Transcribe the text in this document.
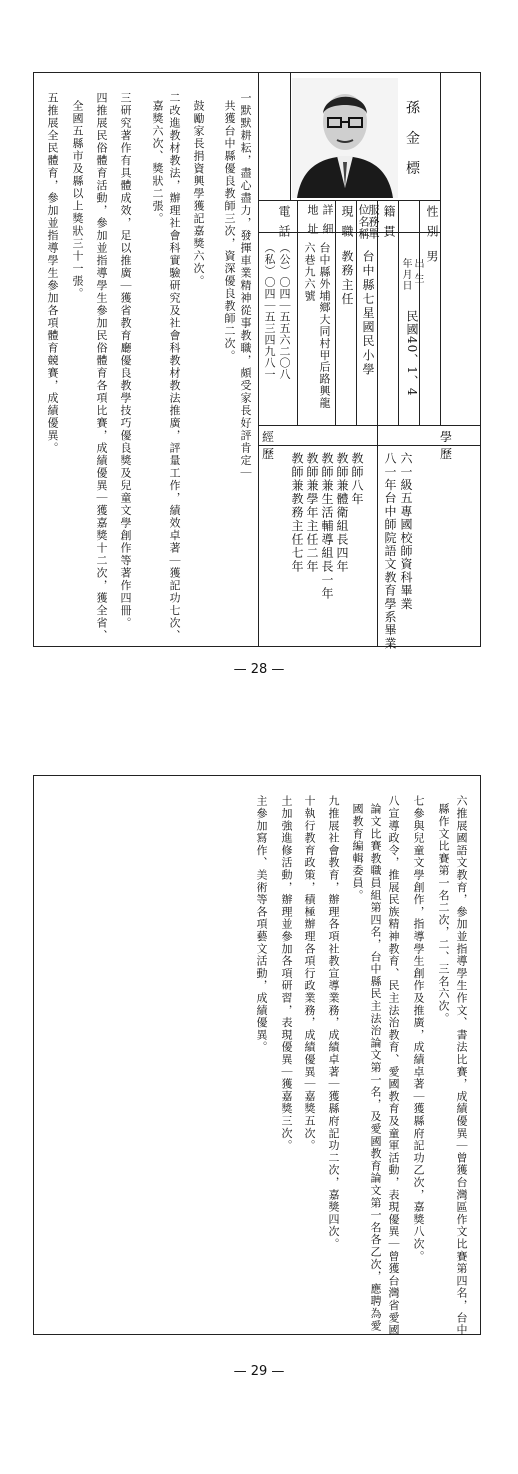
孫 金 標
性 別
男
出 生
年月日
民國40、1、4
籍 貫
服務單
位名稱
台中縣七星國民小學
現 職
教務主任
詳 細
地 址
台中縣外埔鄉大同村甲后路興龍
六巷九六號
電 話
（公）〇四｜五五六二〇八
（私）〇四｜五三四九八一
學 歷
經 歷	六一級五專國校師資科畢業
八一年台中師院語文教育學系畢業
教師八年
教師兼體衛組長四年
教師兼生活輔導組長一年
教師兼學年主任二年
教師兼教務主任七年
一默默耕耘，盡心盡力，發揮車業精神從事教職，頗受家長好評肯定｜
共獲台中縣優良教師三次，資深優良教師二次。
鼓勵家長捐資興學獲記嘉獎六次。
二改進教材教法，辦理社會科實驗研究及社會科教材教法推廣，評量工作，績效卓著｜獲記功七次、
嘉獎六次、獎狀二張。
三研究著作有具體成效，足以推廣｜獲省教育廳優良教學技巧優良獎及兒童文學創作等著作四冊。
四推展民俗體育活動，參加並指導學生參加民俗體育各項比賽，成績優異｜獲嘉獎十二次，獲全省、
全國五縣市及縣以上獎狀三十一張。
五推展全民體育，參加並指導學生參加各項體育競賽，成績優異。
— 28 —
六推展國語文教育，參加並指導學生作文、書法比賽，成績優異｜曾獲台灣區作文比賽第四名，台中
縣作文比賽第一名二次，二、三名六次。
七參與兒童文學創作，指導學生創作及推廣，成績卓著｜獲縣府記功乙次，嘉獎八次。
八宣導政令，推展民族精神教育、民主法治教育、愛國教育及童軍活動，表現優異｜曾獲台灣省愛國
論文比賽教職員組第四名，台中縣民主法治論文第一名，及愛國教育論文第一名各乙次，應聘為愛
國教育編輯委員。
九推展社會教育，辦理各項社教宣導業務，成績卓著｜獲縣府記功二次，嘉獎四次。
十執行教育政策，積極辦理各項行政業務，成績優異｜嘉獎五次。
土加強進修活動，辦理並參加各項研習，表現優異｜獲嘉獎三次。
主參加寫作、美術等各項藝文活動，成績優異。
— 29 —
